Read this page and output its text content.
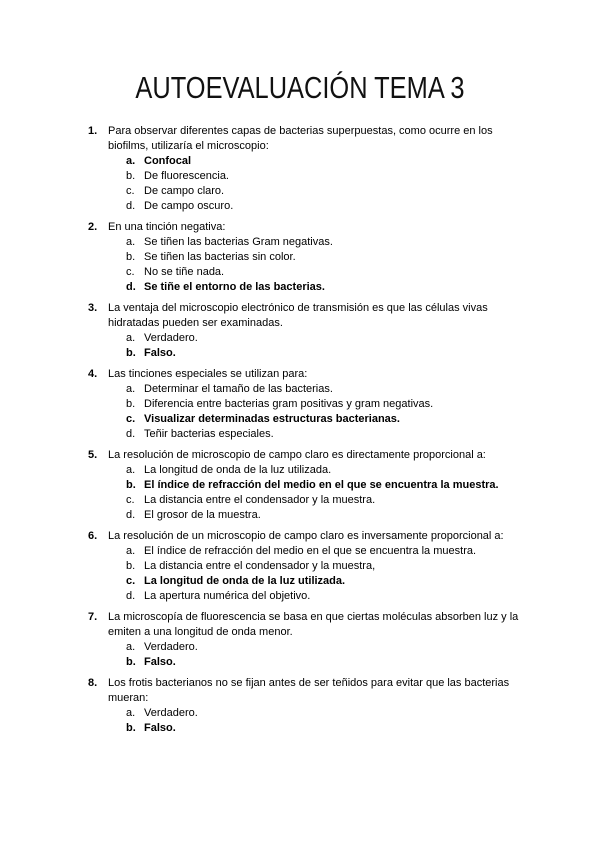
AUTOEVALUACIÓN TEMA 3
1. Para observar diferentes capas de bacterias superpuestas, como ocurre en los biofilms, utilizaría el microscopio:
a. Confocal
b. De fluorescencia.
c. De campo claro.
d. De campo oscuro.
2. En una tinción negativa:
a. Se tiñen las bacterias Gram negativas.
b. Se tiñen las bacterias sin color.
c. No se tiñe nada.
d. Se tiñe el entorno de las bacterias.
3. La ventaja del microscopio electrónico de transmisión es que las células vivas hidratadas pueden ser examinadas.
a. Verdadero.
b. Falso.
4. Las tinciones especiales se utilizan para:
a. Determinar el tamaño de las bacterias.
b. Diferencia entre bacterias gram positivas y gram negativas.
c. Visualizar determinadas estructuras bacterianas.
d. Teñir bacterias especiales.
5. La resolución de microscopio de campo claro es directamente proporcional a:
a. La longitud de onda de la luz utilizada.
b. El índice de refracción del medio en el que se encuentra la muestra.
c. La distancia entre el condensador y la muestra.
d. El grosor de la muestra.
6. La resolución de un microscopio de campo claro es inversamente proporcional a:
a. El índice de refracción del medio en el que se encuentra la muestra.
b. La distancia entre el condensador y la muestra,
c. La longitud de onda de la luz utilizada.
d. La apertura numérica del objetivo.
7. La microscopía de fluorescencia se basa en que ciertas moléculas absorben luz y la emiten a una longitud de onda menor.
a. Verdadero.
b. Falso.
8. Los frotis bacterianos no se fijan antes de ser teñidos para evitar que las bacterias mueran:
a. Verdadero.
b. Falso.
